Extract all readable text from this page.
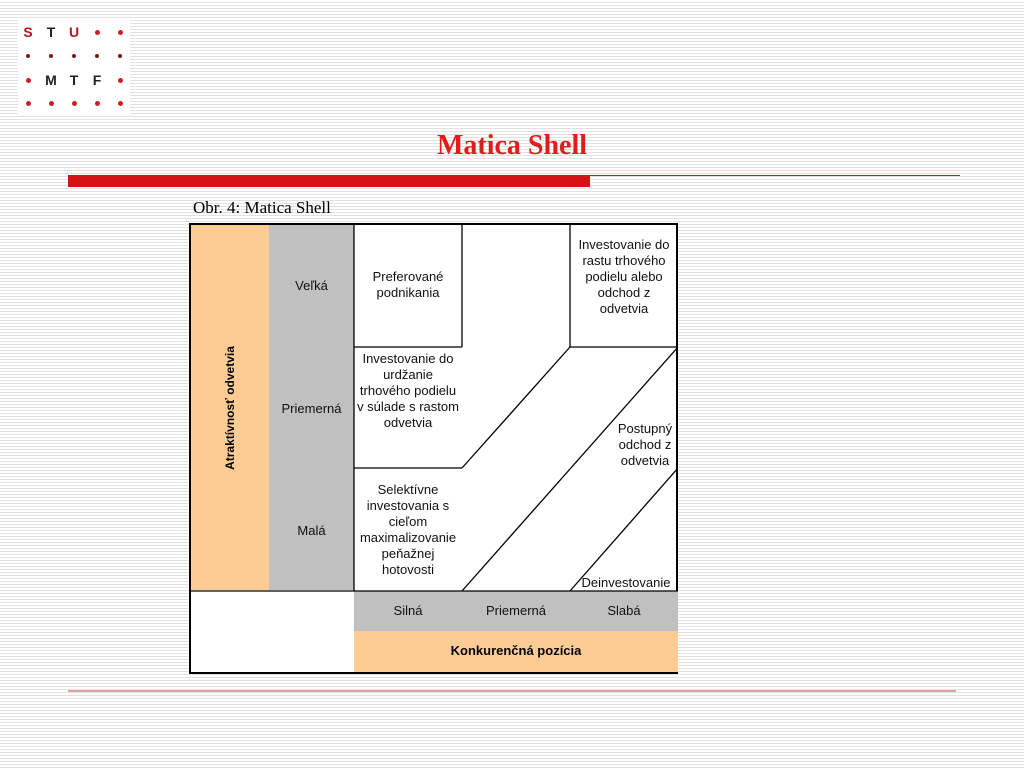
S	T U
M T	F
Matica Shell
Obr. 4: Matica Shell
Atraktívnosť odvetvia
Veľká
Priemerná
Malá
Silná	Priemerná	Slabá
Konkurenčná pozícia
Preferované podnikania
Investovanie do rastu trhového podielu alebo odchod z odvetvia
Investovanie do urdžanie trhového podielu v súlade s rastom odvetvia	Postupný odchod z odvetvia
Selektívne investovania s cieľom maximalizovanie peňažnej hotovosti
Deinvestovanie
